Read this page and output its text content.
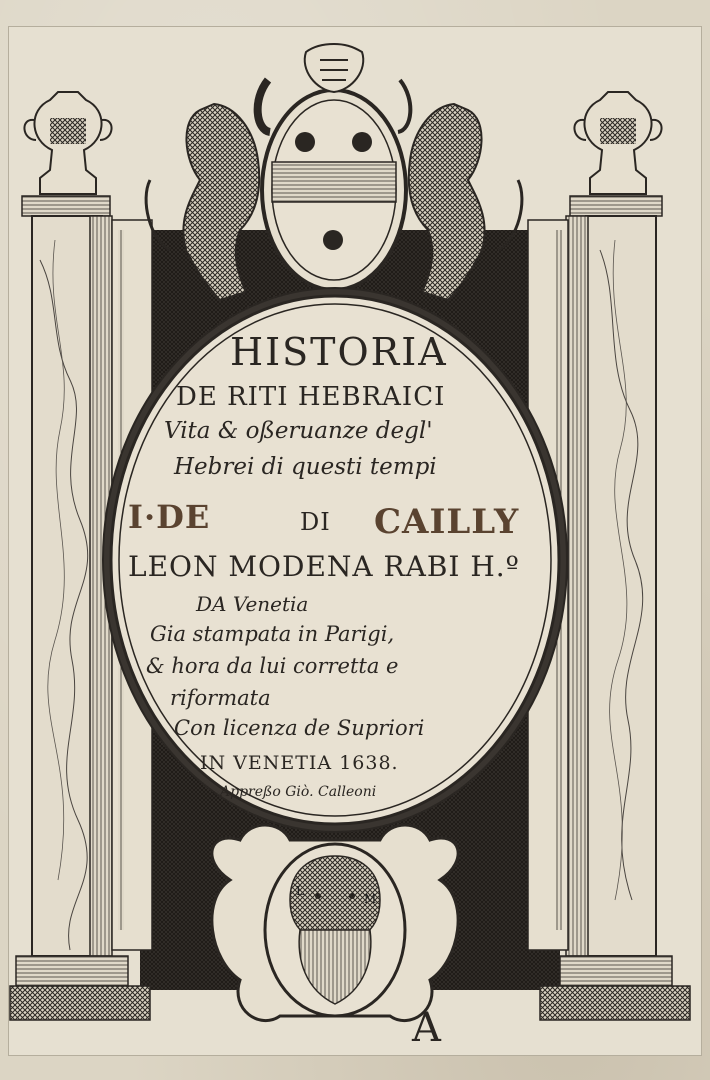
HISTORIA
DE RITI HEBRAICI
Vita & oßeruanze degl'
Hebrei di questi tempi
I·DE	DI CAILLY
LEON MODENA RABI H.º
DA Venetia
Gia stampata in Parigi,
& hora da lui corretta e
riformata
Con licenza de Supriori
IN VENETIA 1638.
Appreßo Giò. Calleoni
L
M
A
